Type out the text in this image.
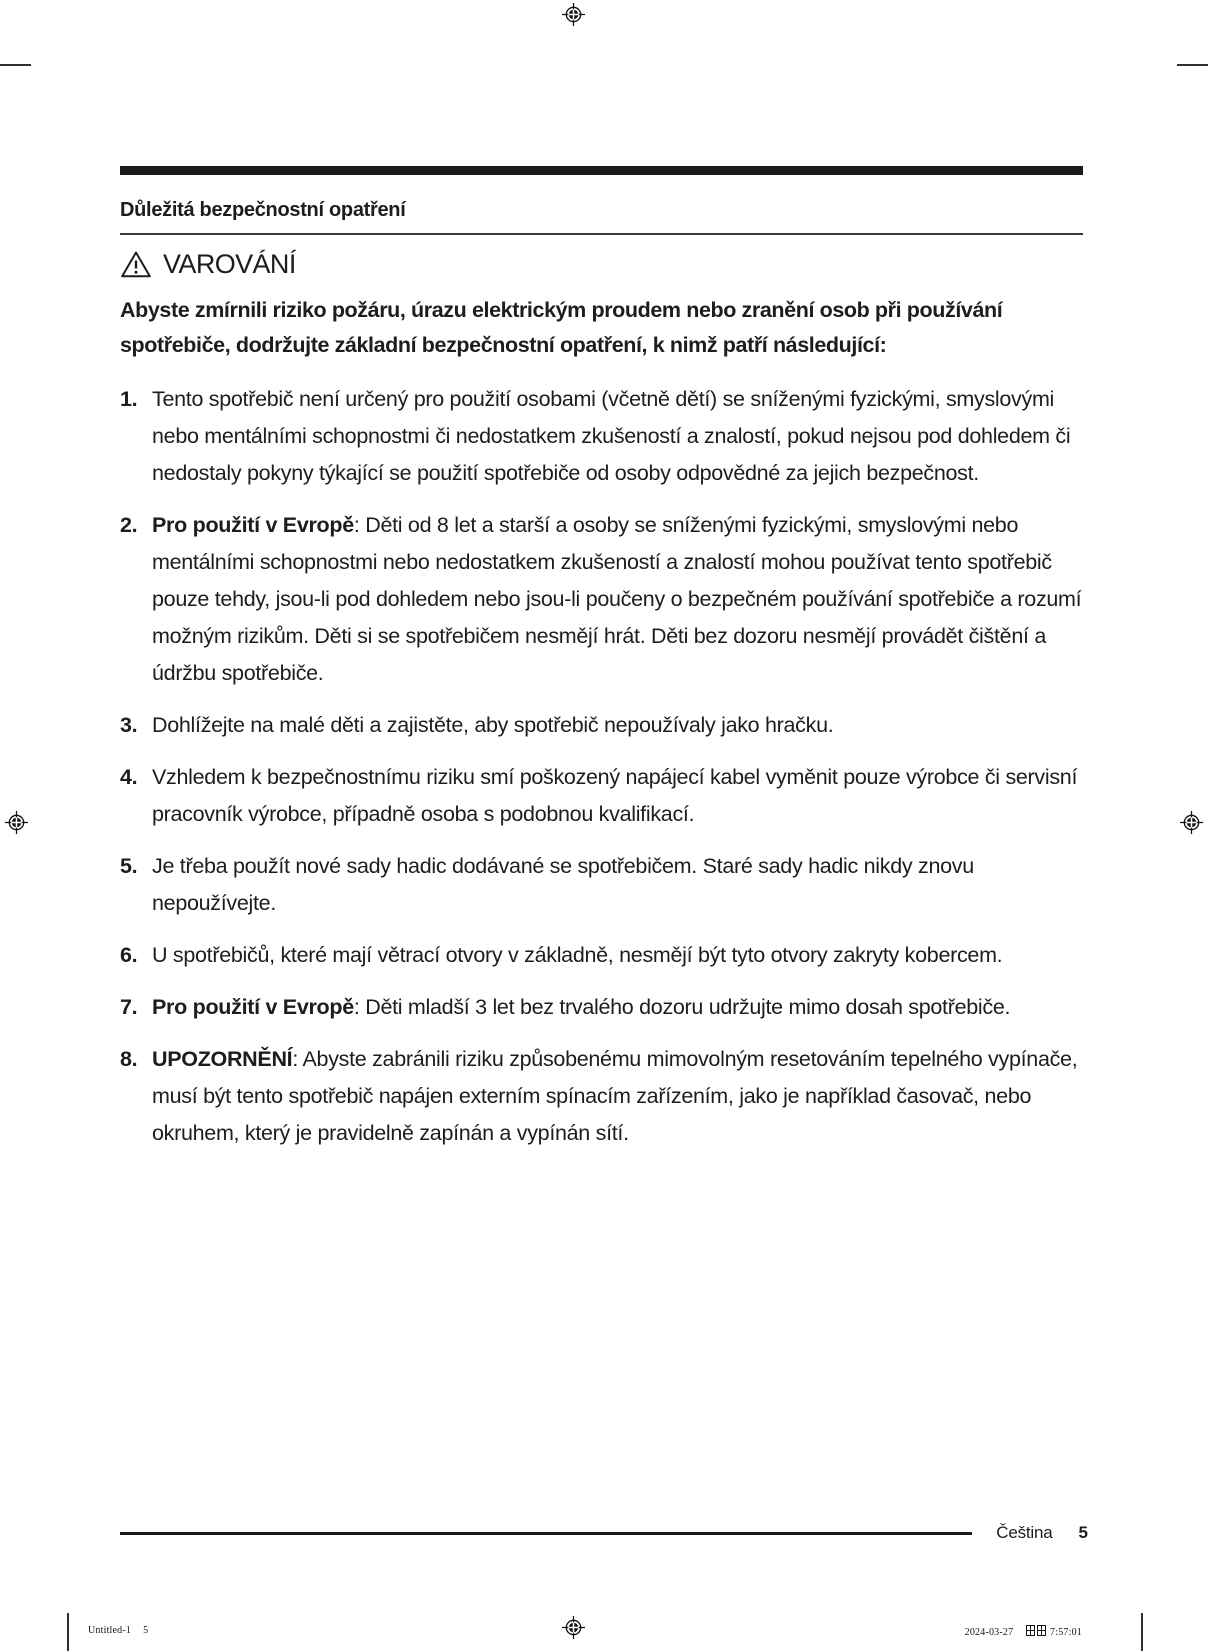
Důležitá bezpečnostní opatření
VAROVÁNÍ
Abyste zmírnili riziko požáru, úrazu elektrickým proudem nebo zranění osob při používání spotřebiče, dodržujte základní bezpečnostní opatření, k nimž patří následující:
1. Tento spotřebič není určený pro použití osobami (včetně dětí) se sníženými fyzickými, smyslovými nebo mentálními schopnostmi či nedostatkem zkušeností a znalostí, pokud nejsou pod dohledem či nedostaly pokyny týkající se použití spotřebiče od osoby odpovědné za jejich bezpečnost.
2. Pro použití v Evropě: Děti od 8 let a starší a osoby se sníženými fyzickými, smyslovými nebo mentálními schopnostmi nebo nedostatkem zkušeností a znalostí mohou používat tento spotřebič pouze tehdy, jsou-li pod dohledem nebo jsou-li poučeny o bezpečném používání spotřebiče a rozumí možným rizikům. Děti si se spotřebičem nesmějí hrát. Děti bez dozoru nesmějí provádět čištění a údržbu spotřebiče.
3. Dohlížejte na malé děti a zajistěte, aby spotřebič nepoužívaly jako hračku.
4. Vzhledem k bezpečnostnímu riziku smí poškozený napájecí kabel vyměnit pouze výrobce či servisní pracovník výrobce, případně osoba s podobnou kvalifikací.
5. Je třeba použít nové sady hadic dodávané se spotřebičem. Staré sady hadic nikdy znovu nepoužívejte.
6. U spotřebičů, které mají větrací otvory v základně, nesmějí být tyto otvory zakryty kobercem.
7. Pro použití v Evropě: Děti mladší 3 let bez trvalého dozoru udržujte mimo dosah spotřebiče.
8. UPOZORNĚNÍ: Abyste zabránili riziku způsobenému mimovolným resetováním tepelného vypínače, musí být tento spotřebič napájen externím spínacím zařízením, jako je například časovač, nebo okruhem, který je pravidelně zapínán a vypínán sítí.
Čeština 5
Untitled-1 5	2024-03-27	7:57:01
